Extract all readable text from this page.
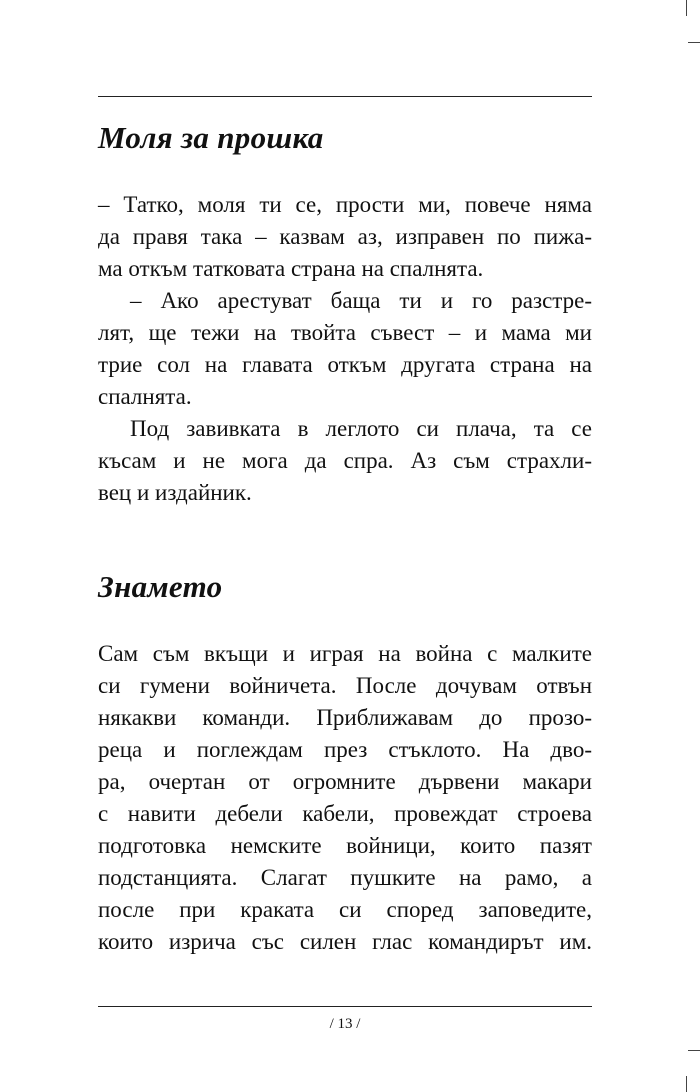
Моля за прошка
– Татко, моля ти се, прости ми, повече няма
да правя така – казвам аз, изправен по пижа-
ма откъм татковата страна на спалнята.
– Ако арестуват баща ти и го разстре-
лят, ще тежи на твойта съвест – и мама ми
трие сол на главата откъм другата страна на
спалнята.
Под завивката в леглото си плача, та се
късам и не мога да спра. Аз съм страхли-
вец и издайник.
Знамето
Сам съм вкъщи и играя на война с малките
си гумени войничета. После дочувам отвън
някакви команди. Приближавам до прозо-
реца и поглеждам през стъклото. На дво-
ра, очертан от огромните дървени макари
с навити дебели кабели, провеждат строева
подготовка немските войници, които пазят
подстанцията. Слагат пушките на рамо, а
после при краката си според заповедите,
които изрича със силен глас командирът им.
/ 13 /
